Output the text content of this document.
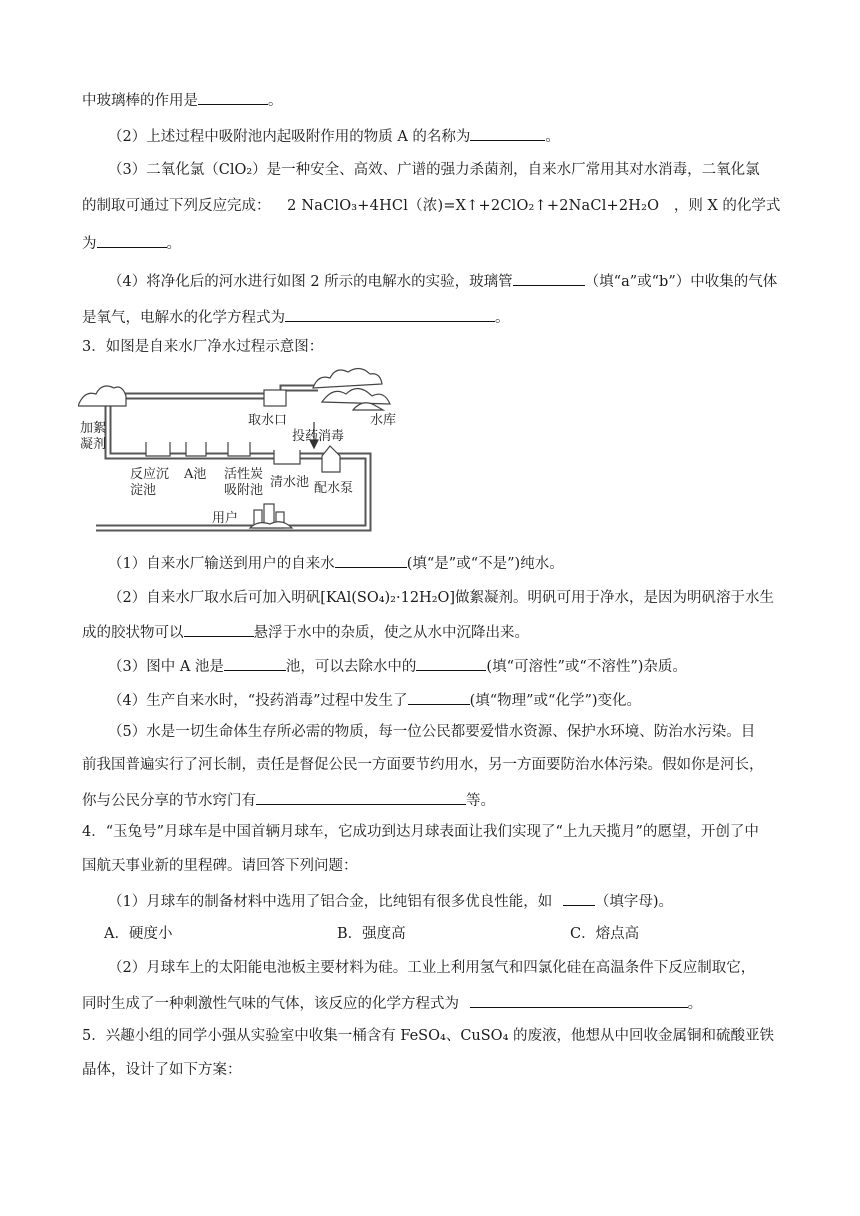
中玻璃棒的作用是	。
（2）上述过程中吸附池内起吸附作用的物质 A 的名称为	。
（3）二氧化氯（ClO₂）是一种安全、高效、广谱的强力杀菌剂，自来水厂常用其对水消毒，二氧化氯
的制取可通过下列反应完成： 2 NaClO₃+4HCl（浓)=X↑+2ClO₂↑+2NaCl+2H₂O ，则 X 的化学式
为	。
（4）将净化后的河水进行如图 2 所示的电解水的实验，玻璃管	（填“a”或“b”）中收集的气体
是氧气，电解水的化学方程式为	。
3．如图是自来水厂净水过程示意图：
取水口	水库
加絮
凝剂
投药消毒
反应沉
淀池
A池 活性炭
吸附池
清水池 配水泵
用户
（1）自来水厂输送到用户的自来水	(填“是”或“不是”)纯水。
（2）自来水厂取水后可加入明矾[KAl(SO₄)₂·12H₂O]做絮凝剂。明矾可用于净水，是因为明矾溶于水生
成的胶状物可以	悬浮于水中的杂质，使之从水中沉降出来。
（3）图中 A 池是	池，可以去除水中的	(填“可溶性”或“不溶性”)杂质。
（4）生产自来水时，“投药消毒”过程中发生了	(填“物理”或“化学”)变化。
（5）水是一切生命体生存所必需的物质，每一位公民都要爱惜水资源、保护水环境、防治水污染。目
前我国普遍实行了河长制，责任是督促公民一方面要节约用水，另一方面要防治水体污染。假如你是河长，
你与公民分享的节水窍门有	等。
4．“玉兔号”月球车是中国首辆月球车，它成功到达月球表面让我们实现了“上九天揽月”的愿望，开创了中
国航天事业新的里程碑。请回答下列问题：
（1）月球车的制备材料中选用了铝合金，比纯铝有很多优良性能，如	（填字母)。
A．硬度小	B．强度高	C．熔点高
（2）月球车上的太阳能电池板主要材料为硅。工业上利用氢气和四氯化硅在高温条件下反应制取它，
同时生成了一种刺激性气味的气体，该反应的化学方程式为	。
5．兴趣小组的同学小强从实验室中收集一桶含有 FeSO₄、CuSO₄ 的废液，他想从中回收金属铜和硫酸亚铁
晶体，设计了如下方案：
